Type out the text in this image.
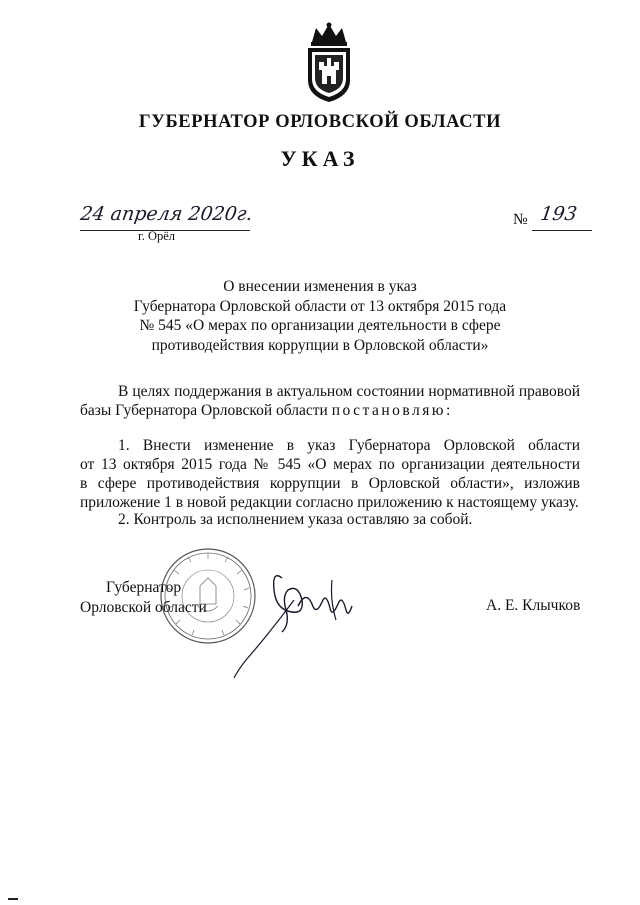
ГУБЕРНАТОР ОРЛОВСКОЙ ОБЛАСТИ
УКАЗ
24 апреля 2020г.
г. Орёл
№ 193
О внесении изменения в указ
Губернатора Орловской области от 13 октября 2015 года
№ 545 «О мерах по организации деятельности в сфере
противодействия коррупции в Орловской области»
В целях поддержания в актуальном состоянии нормативной правовой
базы Губернатора Орловской области постановляю:
1. Внести изменение в указ Губернатора Орловской области
от 13 октября 2015 года № 545 «О мерах по организации деятельности
в сфере противодействия коррупции в Орловской области», изложив
приложение 1 в новой редакции согласно приложению к настоящему указу.
2. Контроль за исполнением указа оставляю за собой.
Губернатор
Орловской области	А. Е. Клычков
